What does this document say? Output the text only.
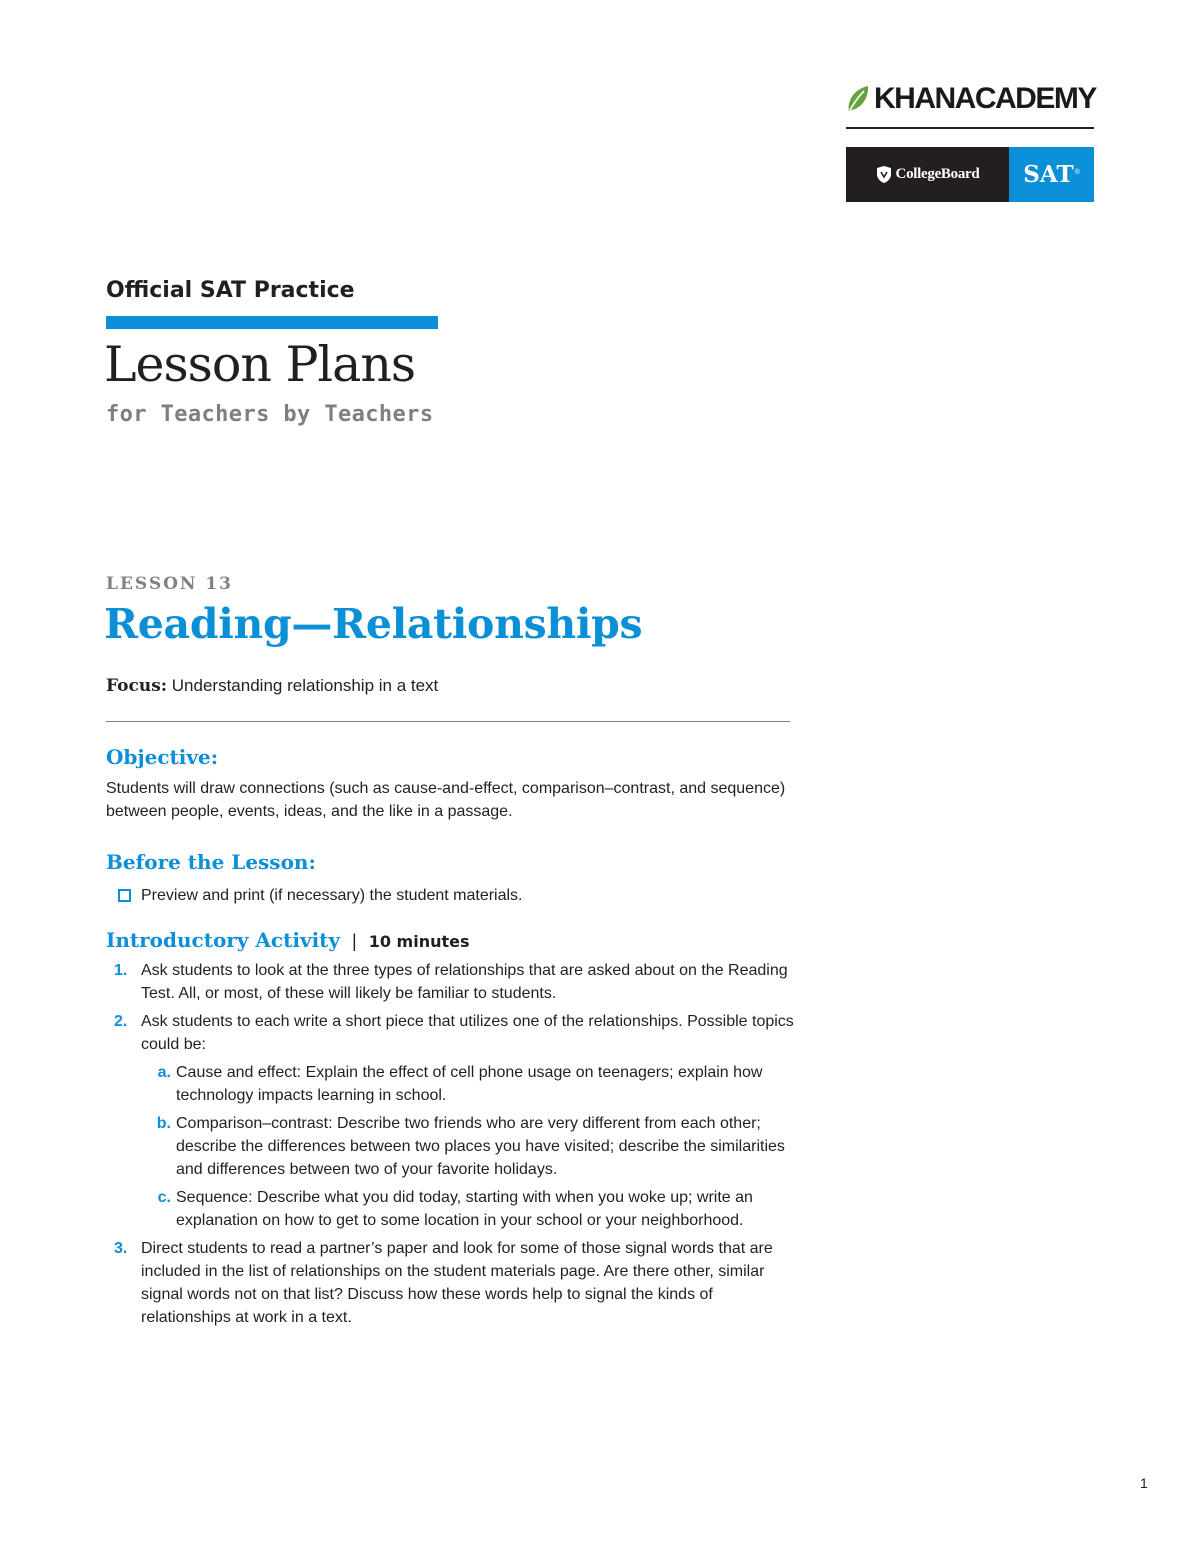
KHANACADEMY
CollegeBoard SAT ®
Official SAT Practice
Lesson Plans
for Teachers by Teachers
LESSON 13
Reading—Relationships
Focus: Understanding relationship in a text
Objective:
Students will draw connections (such as cause-and-effect, comparison–contrast, and sequence) between people, events, ideas, and the like in a passage.
Before the Lesson:
Preview and print (if necessary) the student materials.
Introductory Activity | 10 minutes
1. Ask students to look at the three types of relationships that are asked about on the Reading Test. All, or most, of these will likely be familiar to students.
2. Ask students to each write a short piece that utilizes one of the relationships. Possible topics could be:
a. Cause and effect: Explain the effect of cell phone usage on teenagers; explain how technology impacts learning in school.
b. Comparison–contrast: Describe two friends who are very different from each other; describe the differences between two places you have visited; describe the similarities and differences between two of your favorite holidays.
c. Sequence: Describe what you did today, starting with when you woke up; write an explanation on how to get to some location in your school or your neighborhood.
3. Direct students to read a partner’s paper and look for some of those signal words that are included in the list of relationships on the student materials page. Are there other, similar signal words not on that list? Discuss how these words help to signal the kinds of relationships at work in a text.
1
